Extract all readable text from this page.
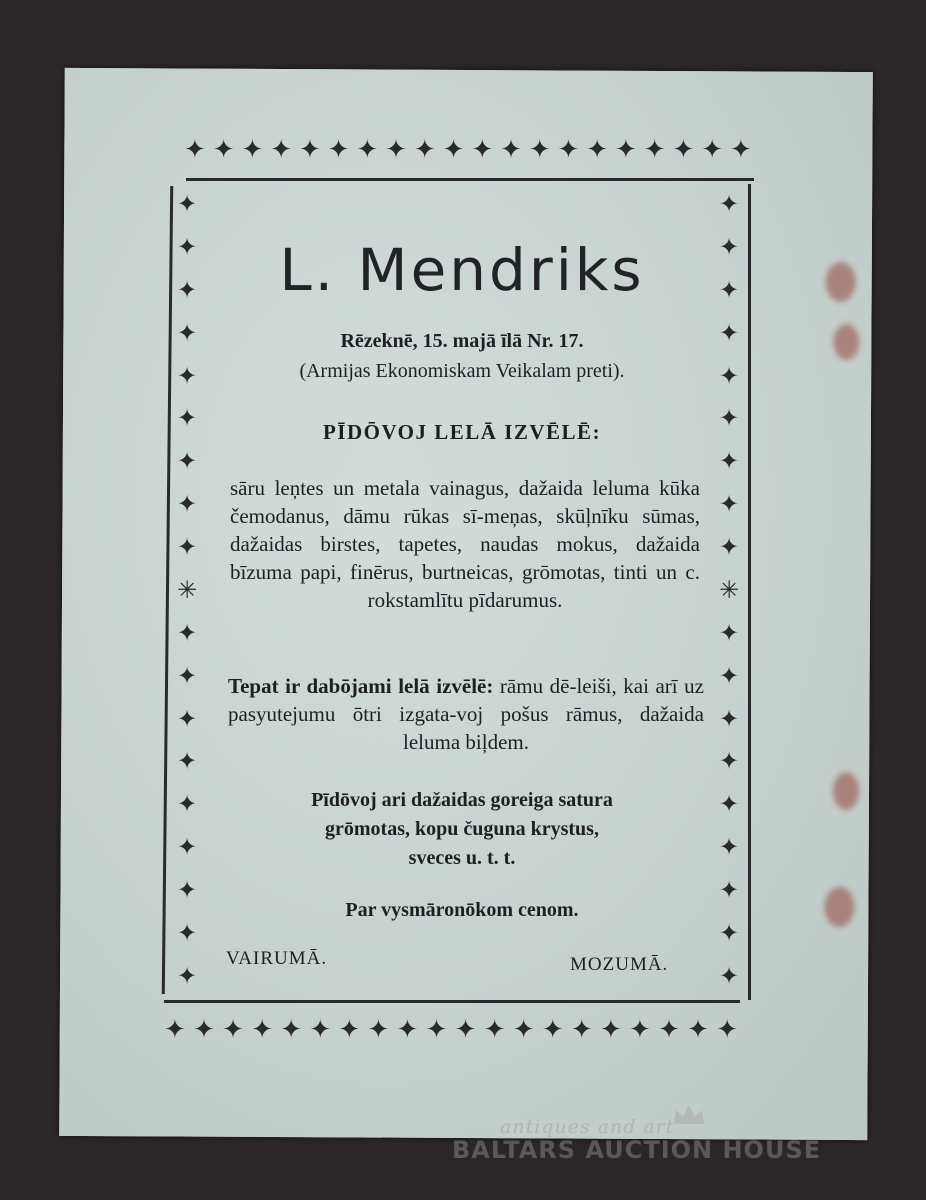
✦ ✦ ✦ ✦ ✦ ✦ ✦ ✦ ✦ ✦ ✦ ✦ ✦ ✦ ✦ ✦ ✦ ✦ ✦ ✦
✦ ✦ ✦ ✦ ✦ ✦ ✦ ✦ ✦ ✦ ✦ ✦ ✦ ✦ ✦ ✦ ✦ ✦ ✦ ✦
✦
✦
✦
✦
✦
✦
✦
✦
✦
✳
✦
✦
✦
✦
✦
✦
✦
✦
✦
✦
✦
✦
✦
✦
✦
✦
✦
✦
✳
✦
✦
✦
✦
✦
✦
✦
✦
✦
L. Mendriks
Rēzeknē, 15. majā īlā Nr. 17.
(Armijas Ekonomiskam Veikalam preti).
PĪDŌVOJ LELĀ IZVĒLĒ:
sāru leņtes un metala vainagus, dažaida leluma kūka čemodanus, dāmu rūkas sī-meņas, skūļnīku sūmas, dažaidas birstes, tapetes, naudas mokus, dažaida bīzuma papi, finērus, burtneicas, grōmotas, tinti un c. rokstamlītu pīdarumus.
Tepat ir dabōjami lelā izvēlē: rāmu dē-leiši, kai arī uz pasyutejumu ōtri izgata-voj pošus rāmus, dažaida leluma biļdem.
Pīdōvoj ari dažaidas goreiga satura
grōmotas, kopu čuguna krystus,
sveces u. t. t.
Par vysmāronōkom cenom.
VAIRUMĀ.	MOZUMĀ.
antiques and art
BALTARS AUCTION HOUSE
